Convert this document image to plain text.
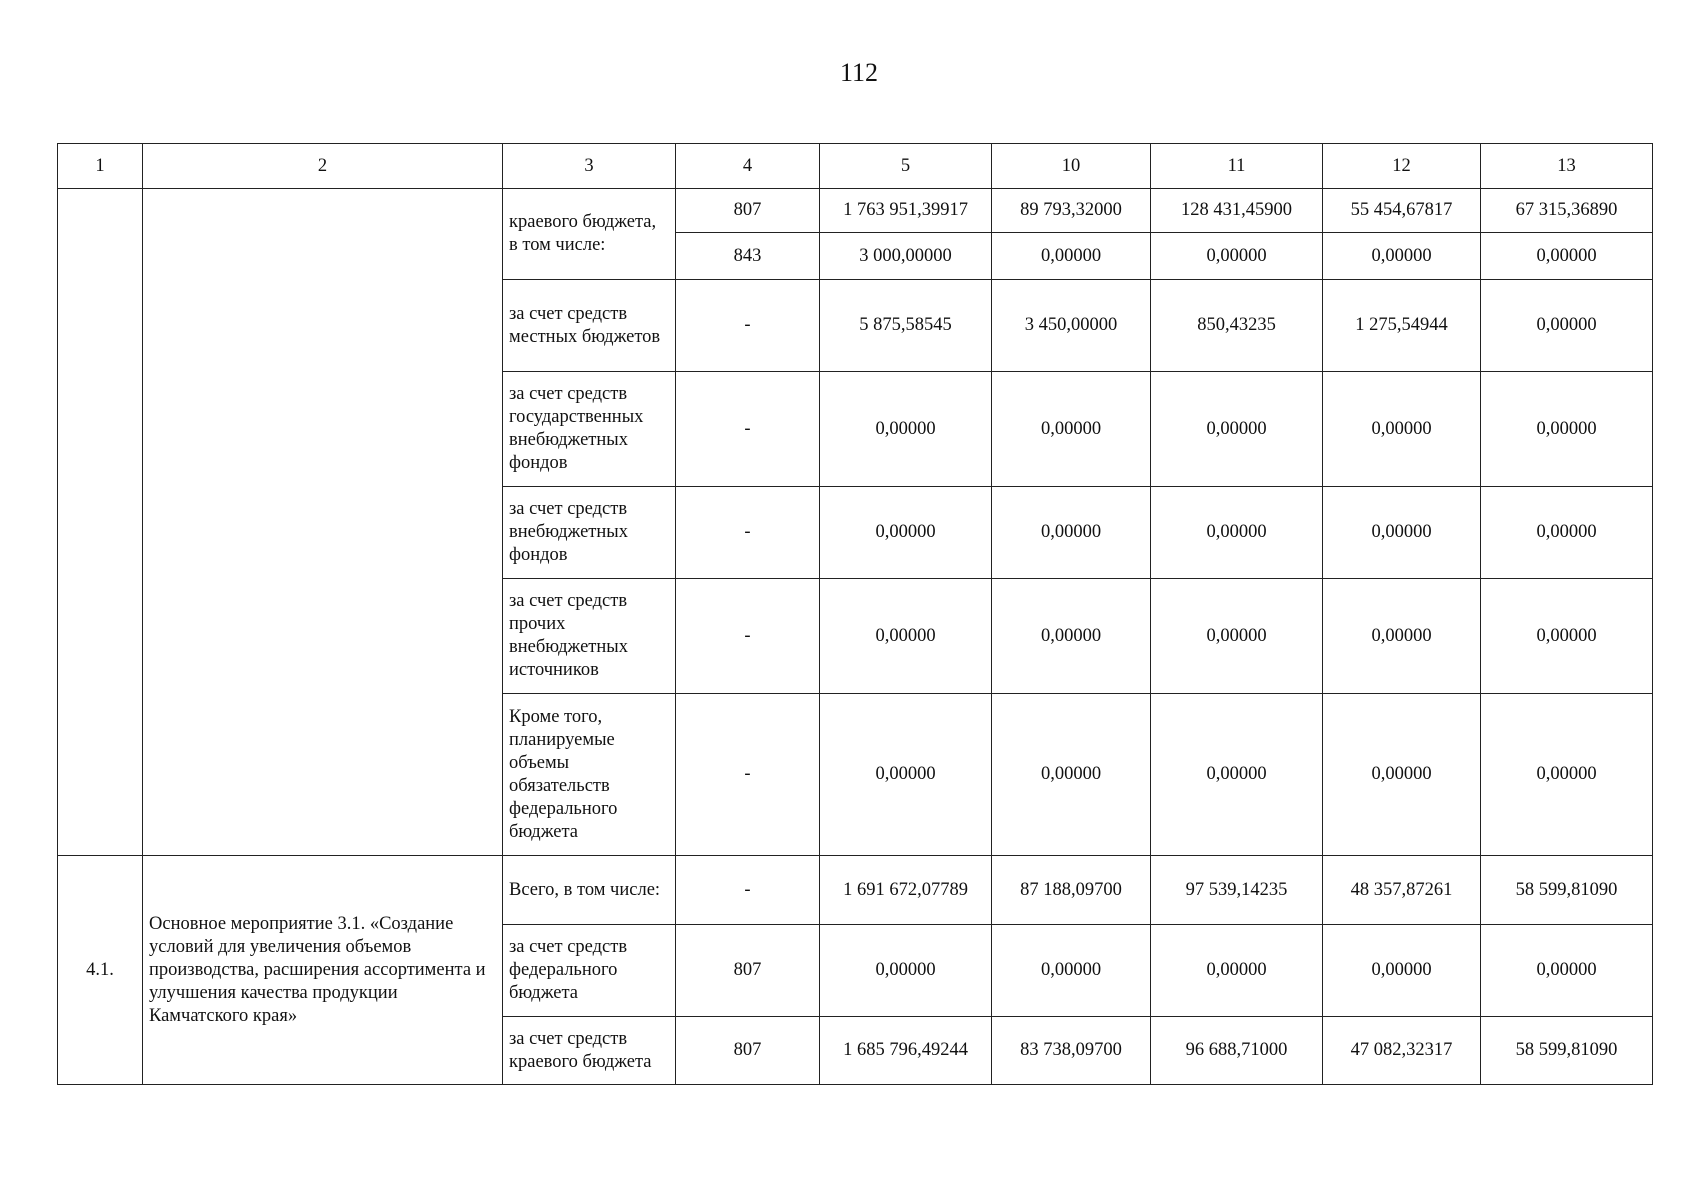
112
1	2	3	4	5	10	11	12	13
		краевого бюджета, в том числе:	807	1 763 951,39917	89 793,32000	128 431,45900	55 454,67817	67 315,36890
			843	3 000,00000	0,00000	0,00000	0,00000	0,00000
		за счет средств местных бюджетов	-	5 875,58545	3 450,00000	850,43235	1 275,54944	0,00000
		за счет средств государственных внебюджетных фондов	-	0,00000	0,00000	0,00000	0,00000	0,00000
		за счет средств внебюджетных фондов	-	0,00000	0,00000	0,00000	0,00000	0,00000
		за счет средств прочих внебюджетных источников	-	0,00000	0,00000	0,00000	0,00000	0,00000
		Кроме того, планируемые объемы обязательств федерального бюджета	-	0,00000	0,00000	0,00000	0,00000	0,00000

4.1.	Основное мероприятие 3.1. «Создание условий для увеличения объемов производства, расширения ассортимента и улучшения качества продукции Камчатского края»	Всего, в том числе:	-	1 691 672,07789	87 188,09700	97 539,14235	48 357,87261	58 599,81090
		за счет средств федерального бюджета	807	0,00000	0,00000	0,00000	0,00000	0,00000
		за счет средств краевого бюджета	807	1 685 796,49244	83 738,09700	96 688,71000	47 082,32317	58 599,81090
